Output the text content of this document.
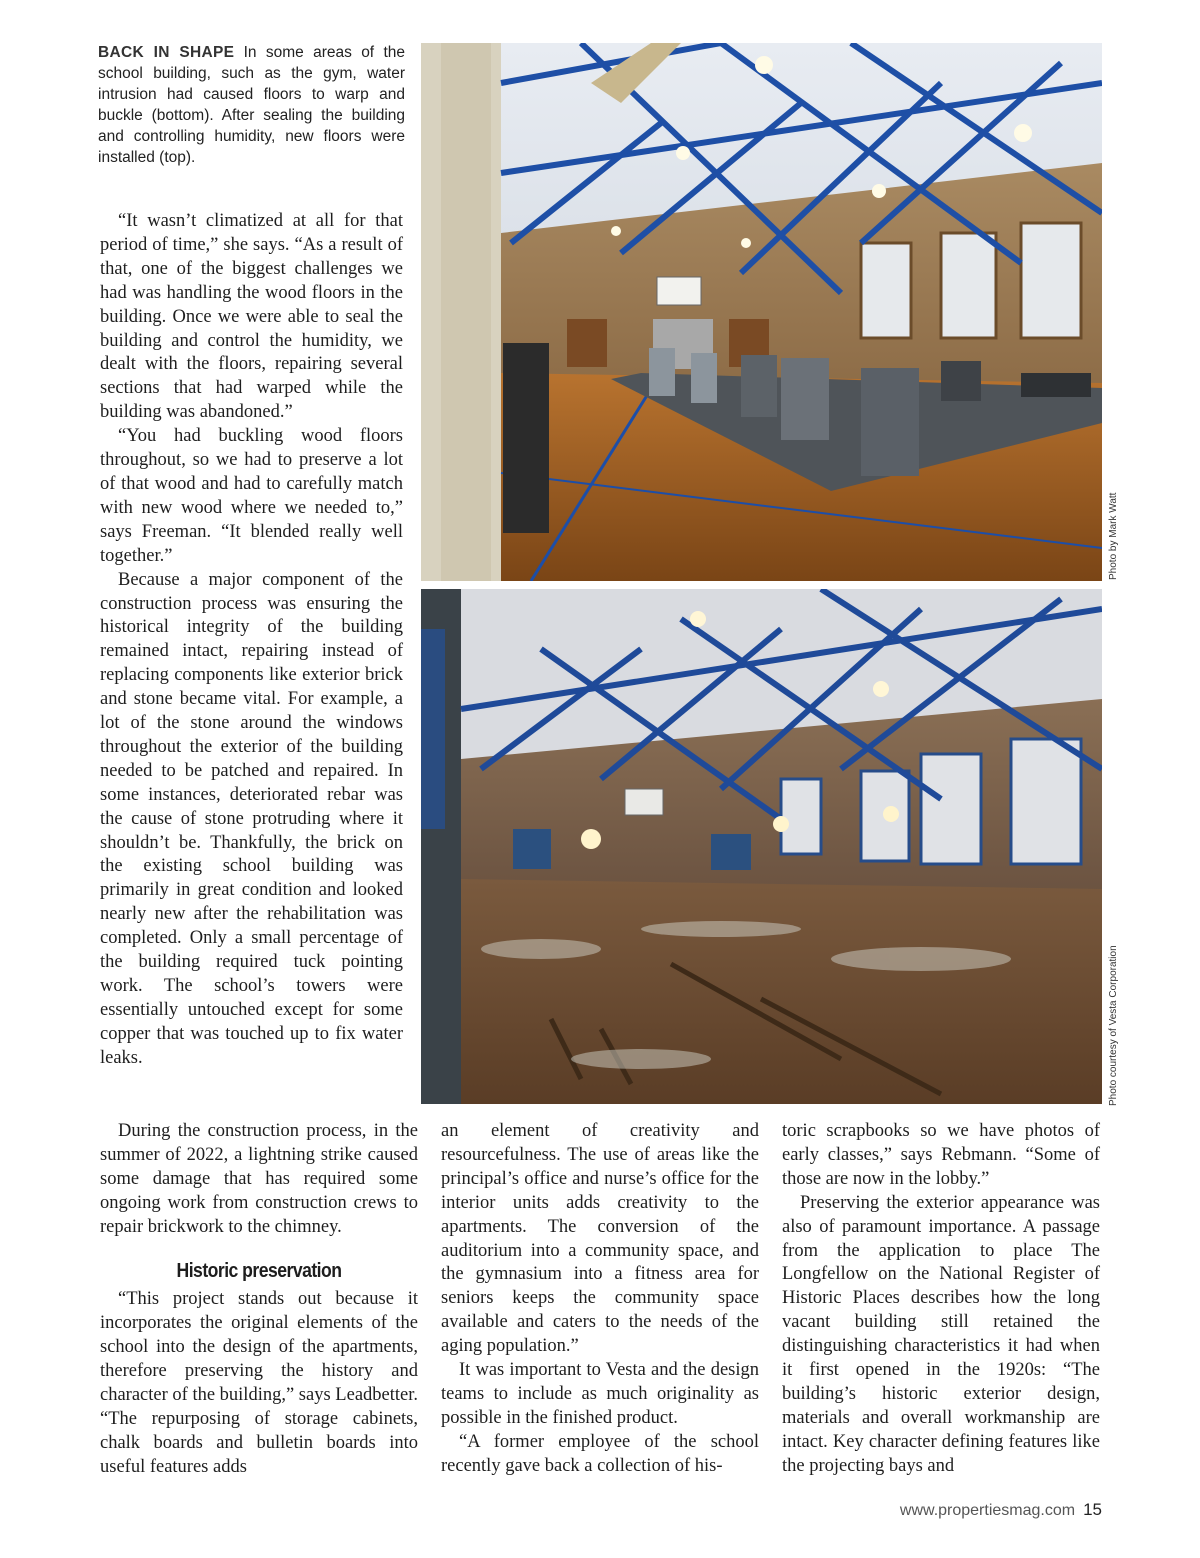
BACK IN SHAPE In some areas of the school building, such as the gym, water intrusion had caused floors to warp and buckle (bottom). After sealing the building and controlling humidity, new floors were installed (top).

“It wasn’t climatized at all for that period of time,” she says. “As a result of that, one of the biggest challenges we had was handling the wood floors in the building. Once we were able to seal the building and control the humidity, we dealt with the floors, repairing several sections that had warped while the building was abandoned.”

“You had buckling wood floors throughout, so we had to preserve a lot of that wood and had to carefully match with new wood where we needed to,” says Freeman. “It blended really well together.”

Because a major component of the construction process was ensuring the historical integrity of the building remained intact, repairing instead of replacing components like exterior brick and stone became vital. For example, a lot of the stone around the windows throughout the exterior of the building needed to be patched and repaired. In some instances, deteriorated rebar was the cause of stone protruding where it shouldn’t be. Thankfully, the brick on the existing school building was primarily in great condition and looked nearly new after the rehabilitation was completed. Only a small percentage of the building required tuck pointing work. The school’s towers were essentially untouched except for some copper that was touched up to fix water leaks.

During the construction process, in the summer of 2022, a lightning strike caused some damage that has required some ongoing work from construction crews to repair brickwork to the chimney.

Historic preservation

“This project stands out because it incorporates the original elements of the school into the design of the apartments, therefore preserving the history and character of the building,” says Leadbetter. “The repurposing of storage cabinets, chalk boards and bulletin boards into useful features adds

an element of creativity and resourcefulness. The use of areas like the principal’s office and nurse’s office for the interior units adds creativity to the apartments. The conversion of the auditorium into a community space, and the gymnasium into a fitness area for seniors keeps the community space available and caters to the needs of the aging population.”

It was important to Vesta and the design teams to include as much originality as possible in the finished product.

“A former employee of the school recently gave back a collection of his-

toric scrapbooks so we have photos of early classes,” says Rebmann. “Some of those are now in the lobby.”

Preserving the exterior appearance was also of paramount importance. A passage from the application to place The Longfellow on the National Register of Historic Places describes how the long vacant building still retained the distinguishing characteristics it had when it first opened in the 1920s: “The building’s historic exterior design, materials and overall workmanship are intact. Key character defining features like the projecting bays and

Photo by Mark Watt
Photo courtesy of Vesta Corporation
www.propertiesmag.com 15
